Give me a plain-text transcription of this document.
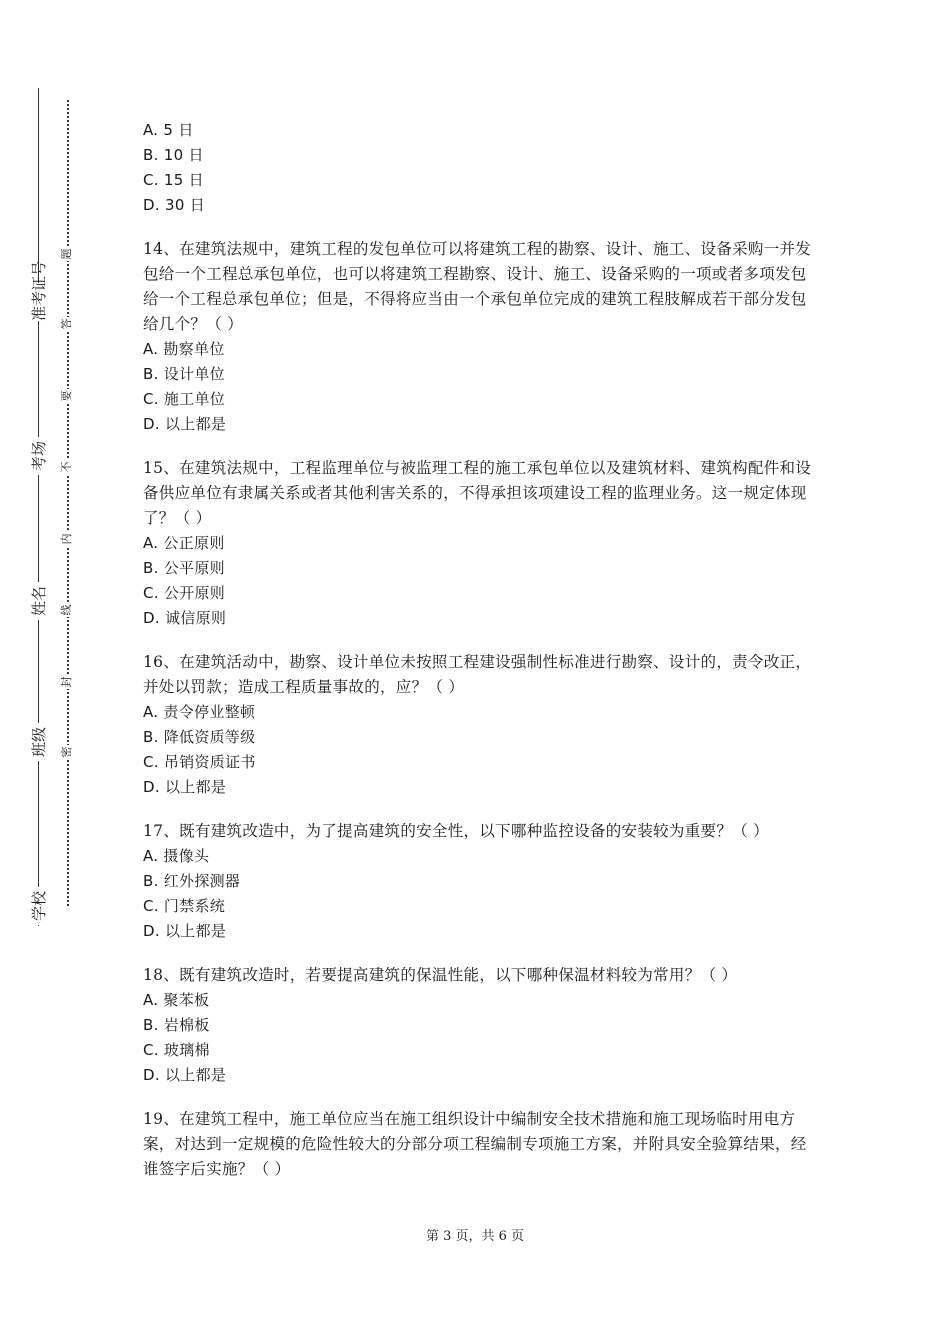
准考证号
考场
姓名
班级
学校
题
答
要
不
内
线
封
密

A. 5 日

B. 10 日

C. 15 日

D. 30 日

14、在建筑法规中，建筑工程的发包单位可以将建筑工程的勘察、设计、施工、设备采购一并发包给一个工程总承包单位，也可以将建筑工程勘察、设计、施工、设备采购的一项或者多项发包给一个工程总承包单位；但是，不得将应当由一个承包单位完成的建筑工程肢解成若干部分发包给几个？（ ）

A. 勘察单位

B. 设计单位

C. 施工单位

D. 以上都是

15、在建筑法规中，工程监理单位与被监理工程的施工承包单位以及建筑材料、建筑构配件和设备供应单位有隶属关系或者其他利害关系的，不得承担该项建设工程的监理业务。这一规定体现了？（ ）

A. 公正原则

B. 公平原则

C. 公开原则

D. 诚信原则

16、在建筑活动中，勘察、设计单位未按照工程建设强制性标准进行勘察、设计的，责令改正，并处以罚款；造成工程质量事故的，应？（ ）

A. 责令停业整顿

B. 降低资质等级

C. 吊销资质证书

D. 以上都是

17、既有建筑改造中，为了提高建筑的安全性，以下哪种监控设备的安装较为重要？（ ）

A. 摄像头

B. 红外探测器

C. 门禁系统

D. 以上都是

18、既有建筑改造时，若要提高建筑的保温性能，以下哪种保温材料较为常用？（ ）

A. 聚苯板

B. 岩棉板

C. 玻璃棉

D. 以上都是

19、在建筑工程中，施工单位应当在施工组织设计中编制安全技术措施和施工现场临时用电方案，对达到一定规模的危险性较大的分部分项工程编制专项施工方案，并附具安全验算结果，经谁签字后实施？（ ）

第 3 页，共 6 页
